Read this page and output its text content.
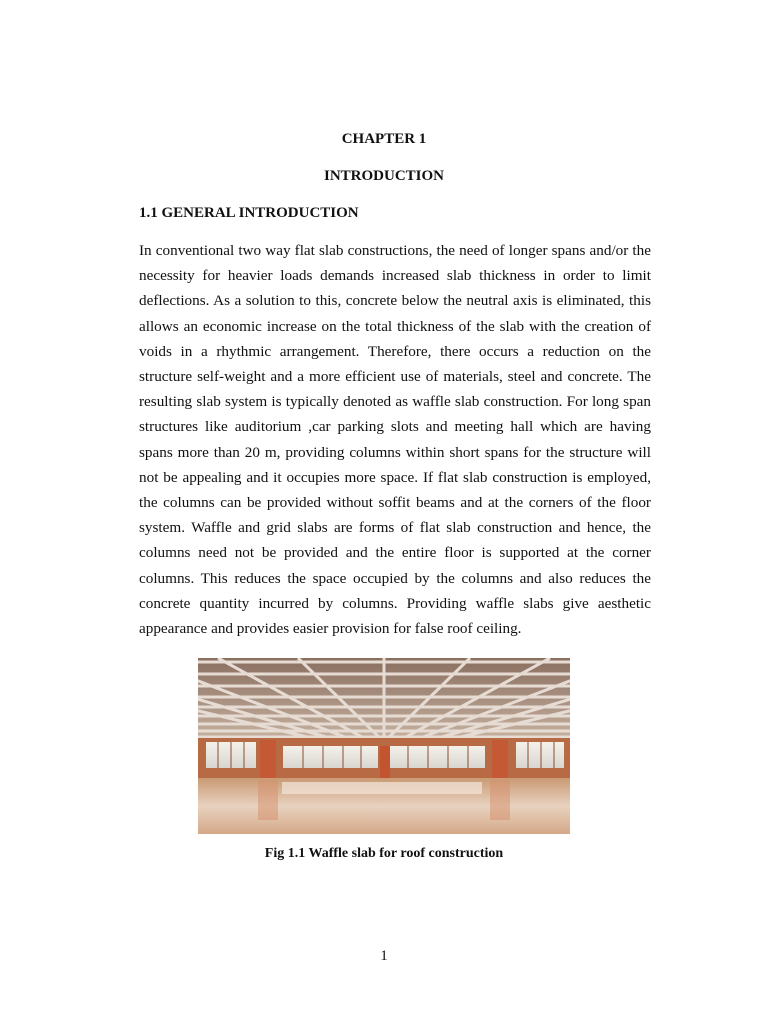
CHAPTER 1
INTRODUCTION
1.1 GENERAL INTRODUCTION
In conventional two way flat slab constructions, the need of longer spans and/or the necessity for heavier loads demands increased slab thickness in order to limit deflections. As a solution to this, concrete below the neutral axis is eliminated, this allows an economic increase on the total thickness of the slab with the creation of voids in a rhythmic arrangement. Therefore, there occurs a reduction on the structure self-weight and a more efficient use of materials, steel and concrete. The resulting slab system is typically denoted as waffle slab construction. For long span structures like auditorium ,car parking slots and meeting hall which are having spans more than 20 m, providing columns within short spans for the structure will not be appealing and it occupies more space. If flat slab construction is employed, the columns can be provided without soffit beams and at the corners of the floor system. Waffle and grid slabs are forms of flat slab construction and hence, the columns need not be provided and the entire floor is supported at the corner columns. This reduces the space occupied by the columns and also reduces the concrete quantity incurred by columns. Providing waffle slabs give aesthetic appearance and provides easier provision for false roof ceiling.
Fig 1.1 Waffle slab for roof construction
1
